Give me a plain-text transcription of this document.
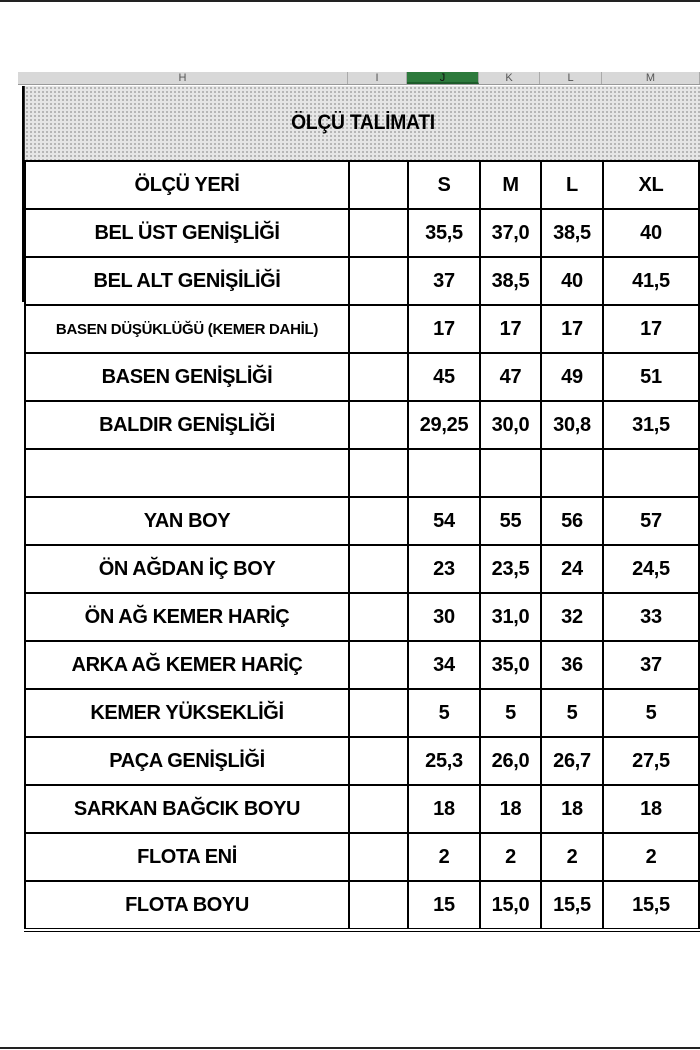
H	I	J	K	L	M
ÖLÇÜ TALİMATI
ÖLÇÜ YERİ		S	M	L	XL
BEL ÜST GENİŞLİĞİ		35,5	37,0	38,5	40
BEL ALT GENİŞİLİĞİ		37	38,5	40	41,5
BASEN DÜŞÜKLÜĞÜ (KEMER DAHİL)		17	17	17	17
BASEN GENİŞLİĞİ		45	47	49	51
BALDIR GENİŞLİĞİ		29,25	30,0	30,8	31,5

YAN BOY		54	55	56	57
ÖN AĞDAN İÇ BOY		23	23,5	24	24,5
ÖN AĞ KEMER HARİÇ		30	31,0	32	33
ARKA AĞ KEMER HARİÇ		34	35,0	36	37
KEMER YÜKSEKLİĞİ		5	5	5	5
PAÇA GENİŞLİĞİ		25,3	26,0	26,7	27,5
SARKAN BAĞCIK BOYU		18	18	18	18
FLOTA ENİ		2	2	2	2
FLOTA BOYU		15	15,0	15,5	15,5
